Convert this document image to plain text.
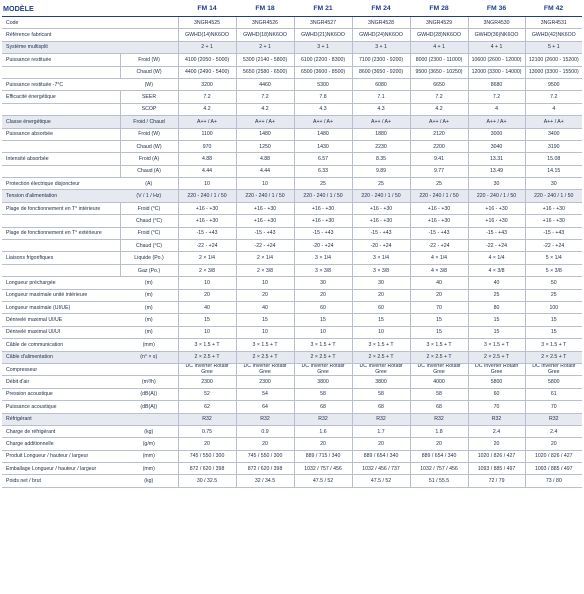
MODÈLE		FM 14	FM 18	FM 21	FM 24	FM 28	FM 36	FM 42
Code		3NGR4525	3NGR4526	3NGR4527	3NGR4528	3NGR4529	3NGR4530	3NGR4531
Référence fabricant		GWHD(14)NK6OO	GWHD(18)NK6OO	GWHD(21)NK6OO	GWHD(24)NK6OO	GWHD(28)NK6OO	GWHD(36)NK6OO	GWHD(42)NK6OO
Système multisplit		2 + 1	2 + 1	3 + 1	3 + 1	4 + 1	4 + 1	5 + 1
Puissance restituée	Froid (W)	4100 (2050 - 5000)	5300 (2140 - 5800)	6100 (2200 - 8300)	7100 (2300 - 9200)	8000 (2300 - 11000)	10600 (2600 - 12000)	12100 (2600 - 15200)
	Chaud (W)	4400 (2490 - 5400)	5650 (2580 - 6500)	6500 (3600 - 8500)	8600 (3650 - 9200)	9500 (3650 - 10250)	12000 (3300 - 14000)	13000 (3300 - 15500)
Puissance restituée -7°C	(W)	3200	4460	5300	6080	6650	8680	9500
Efficacité énergétique	SEER	7.2	7.2	7.8	7.1	7.2	7.2	7.2
	SCOP	4.2	4.2	4.3	4.3	4.2	4	4
Classe énergétique	Froid / Chaud	A++ / A+	A++ / A+	A++ / A+	A++ / A+	A++ / A+	A++ / A+	A++ / A+
Puissance absorbée	Froid (W)	1100	1480	1480	1880	2120	3000	3400
	Chaud (W)	970	1250	1430	2230	2200	3040	3190
Intensité absorbée	Froid (A)	4.88	4.88	6.57	8.35	9.41	13.31	15.08
	Chaud (A)	4.44	4.44	6.33	9.89	9.77	13.49	14.15
Protection électrique disjoncteur	(A)	10	10	25	25	25	30	30
Tension d'alimentation	(V / 1 / Hz)	220 - 240 / 1 / 50	220 - 240 / 1 / 50	220 - 240 / 1 / 50	220 - 240 / 1 / 50	220 - 240 / 1 / 50	220 - 240 / 1 / 50	220 - 240 / 1 / 50
Plage de fonctionnement en T° intérieure	Froid (°C)	+16 - +30	+16 - +30	+16 - +30	+16 - +30	+16 - +30	+16 - +30	+16 - +30
	Chaud (°C)	+16 - +30	+16 - +30	+16 - +30	+16 - +30	+16 - +30	+16 - +30	+16 - +30
Plage de fonctionnement en T° extérieure	Froid (°C)	-15 - +43	-15 - +43	-15 - +43	-15 - +43	-15 - +43	-15 - +43	-15 - +43
	Chaud (°C)	-22 - +24	-22 - +24	-20 - +24	-20 - +24	-22 - +24	-22 - +24	-22 - +24
Liaisons frigorifiques	Liquide (Po.)	2 × 1/4	2 × 1/4	3 × 1/4	3 × 1/4	4 × 1/4	4 × 1/4	5 × 1/4
	Gaz (Po.)	2 × 3/8	2 × 3/8	3 × 3/8	3 × 3/8	4 × 3/8	4 × 3/8	5 × 3/8
Longueur préchargée	(m)	10	10	30	30	40	40	50
Longueur maximale unité intérieure	(m)	20	20	20	20	20	25	25
Longueur maximale (UI/UE)	(m)	40	40	60	60	70	80	100
Dénivelé maximal UI/UE	(m)	15	15	15	15	15	15	15
Dénivelé maximal UI/UI	(m)	10	10	10	10	15	15	15
Câble de communication	(mm)	3 × 1.5 + T	3 × 1.5 + T	3 × 1.5 + T	3 × 1.5 + T	3 × 1.5 + T	3 × 1.5 + T	3 × 1.5 + T
Câble d'alimentation	(n° × s)	2 × 2.5 + T	2 × 2.5 + T	2 × 2.5 + T	2 × 2.5 + T	2 × 2.5 + T	2 × 2.5 + T	2 × 2.5 + T
Compresseur		DC Inverter Rotatif Gree	DC Inverter Rotatif Gree	DC Inverter Rotatif Gree	DC Inverter Rotatif Gree	DC Inverter Rotatif Gree	DC Inverter Rotatif Gree	DC Inverter Rotatif Gree
Débit d'air	(m³/h)	2300	2300	3800	3800	4000	5800	5800
Pression acoustique	(dB(A))	52	54	58	58	58	60	61
Puissance acoustique	(dB(A))	62	64	68	68	68	70	70
Réfrigérant		R32	R32	R32	R32	R32	R32	R32
Charge de réfrigérant	(kg)	0.75	0.9	1.6	1.7	1.8	2.4	2.4
Charge additionnelle	(g/m)	20	20	20	20	20	20	20
Produit Longueur / hauteur / largeur	(mm)	745 / 550 / 300	745 / 550 / 300	889 / 715 / 340	889 / 654 / 340	889 / 654 / 340	1020 / 826 / 427	1020 / 826 / 427
Emballage Longueur / hauteur / largeur	(mm)	872 / 620 / 398	872 / 620 / 398	1032 / 757 / 456	1032 / 456 / 737	1032 / 757 / 456	1093 / 885 / 497	1093 / 885 / 497
Poids net / brut	(kg)	30 / 32.5	32 / 34.5	47.5 / 52	47.5 / 52	51 / 55.5	72 / 79	73 / 80
